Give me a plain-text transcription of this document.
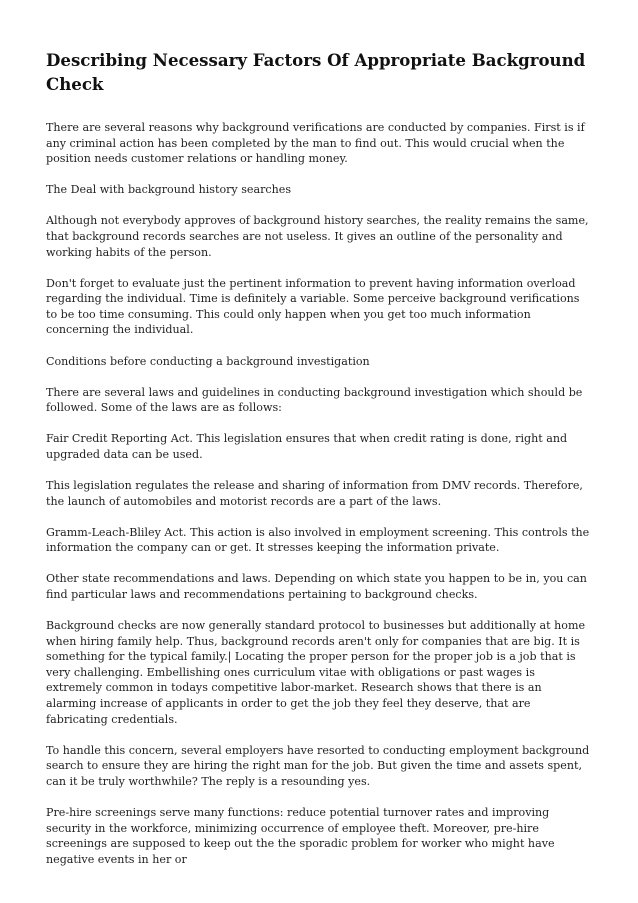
Describing Necessary Factors Of Appropriate Background Check

There are several reasons why background verifications are conducted by companies. First is if any criminal action has been completed by the man to find out. This would crucial when the position needs customer relations or handling money.

The Deal with background history searches

Although not everybody approves of background history searches, the reality remains the same, that background records searches are not useless. It gives an outline of the personality and working habits of the person.

Don't forget to evaluate just the pertinent information to prevent having information overload regarding the individual. Time is definitely a variable. Some perceive background verifications to be too time consuming. This could only happen when you get too much information concerning the individual.

Conditions before conducting a background investigation

There are several laws and guidelines in conducting background investigation which should be followed. Some of the laws are as follows:

Fair Credit Reporting Act. This legislation ensures that when credit rating is done, right and upgraded data can be used.

This legislation regulates the release and sharing of information from DMV records. Therefore, the launch of automobiles and motorist records are a part of the laws.

Gramm-Leach-Bliley Act. This action is also involved in employment screening. This controls the information the company can or get. It stresses keeping the information private.

Other state recommendations and laws. Depending on which state you happen to be in, you can find particular laws and recommendations pertaining to background checks.

Background checks are now generally standard protocol to businesses but additionally at home when hiring family help. Thus, background records aren't only for companies that are big. It is something for the typical family.| Locating the proper person for the proper job is a job that is very challenging. Embellishing ones curriculum vitae with obligations or past wages is extremely common in todays competitive labor-market. Research shows that there is an alarming increase of applicants in order to get the job they feel they deserve, that are fabricating credentials.

To handle this concern, several employers have resorted to conducting employment background search to ensure they are hiring the right man for the job. But given the time and assets spent, can it be truly worthwhile? The reply is a resounding yes.

Pre-hire screenings serve many functions: reduce potential turnover rates and improving security in the workforce, minimizing occurrence of employee theft. Moreover, pre-hire screenings are supposed to keep out the the sporadic problem for worker who might have negative events in her or
